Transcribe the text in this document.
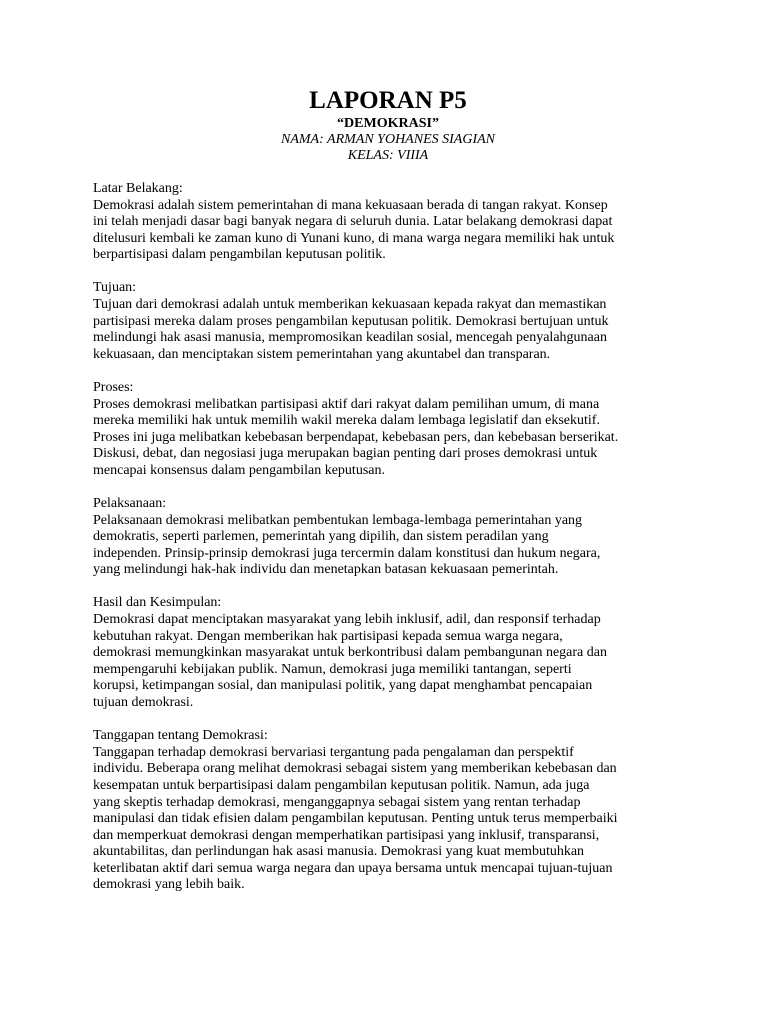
LAPORAN P5
“DEMOKRASI”
NAMA: ARMAN YOHANES SIAGIAN
KELAS: VIIIA
Latar Belakang:
Demokrasi adalah sistem pemerintahan di mana kekuasaan berada di tangan rakyat. Konsep
ini telah menjadi dasar bagi banyak negara di seluruh dunia. Latar belakang demokrasi dapat
ditelusuri kembali ke zaman kuno di Yunani kuno, di mana warga negara memiliki hak untuk
berpartisipasi dalam pengambilan keputusan politik.
Tujuan:
Tujuan dari demokrasi adalah untuk memberikan kekuasaan kepada rakyat dan memastikan
partisipasi mereka dalam proses pengambilan keputusan politik. Demokrasi bertujuan untuk
melindungi hak asasi manusia, mempromosikan keadilan sosial, mencegah penyalahgunaan
kekuasaan, dan menciptakan sistem pemerintahan yang akuntabel dan transparan.
Proses:
Proses demokrasi melibatkan partisipasi aktif dari rakyat dalam pemilihan umum, di mana
mereka memiliki hak untuk memilih wakil mereka dalam lembaga legislatif dan eksekutif.
Proses ini juga melibatkan kebebasan berpendapat, kebebasan pers, dan kebebasan berserikat.
Diskusi, debat, dan negosiasi juga merupakan bagian penting dari proses demokrasi untuk
mencapai konsensus dalam pengambilan keputusan.
Pelaksanaan:
Pelaksanaan demokrasi melibatkan pembentukan lembaga-lembaga pemerintahan yang
demokratis, seperti parlemen, pemerintah yang dipilih, dan sistem peradilan yang
independen. Prinsip-prinsip demokrasi juga tercermin dalam konstitusi dan hukum negara,
yang melindungi hak-hak individu dan menetapkan batasan kekuasaan pemerintah.
Hasil dan Kesimpulan:
Demokrasi dapat menciptakan masyarakat yang lebih inklusif, adil, dan responsif terhadap
kebutuhan rakyat. Dengan memberikan hak partisipasi kepada semua warga negara,
demokrasi memungkinkan masyarakat untuk berkontribusi dalam pembangunan negara dan
mempengaruhi kebijakan publik. Namun, demokrasi juga memiliki tantangan, seperti
korupsi, ketimpangan sosial, dan manipulasi politik, yang dapat menghambat pencapaian
tujuan demokrasi.
Tanggapan tentang Demokrasi:
Tanggapan terhadap demokrasi bervariasi tergantung pada pengalaman dan perspektif
individu. Beberapa orang melihat demokrasi sebagai sistem yang memberikan kebebasan dan
kesempatan untuk berpartisipasi dalam pengambilan keputusan politik. Namun, ada juga
yang skeptis terhadap demokrasi, menganggapnya sebagai sistem yang rentan terhadap
manipulasi dan tidak efisien dalam pengambilan keputusan. Penting untuk terus memperbaiki
dan memperkuat demokrasi dengan memperhatikan partisipasi yang inklusif, transparansi,
akuntabilitas, dan perlindungan hak asasi manusia. Demokrasi yang kuat membutuhkan
keterlibatan aktif dari semua warga negara dan upaya bersama untuk mencapai tujuan-tujuan
demokrasi yang lebih baik.
